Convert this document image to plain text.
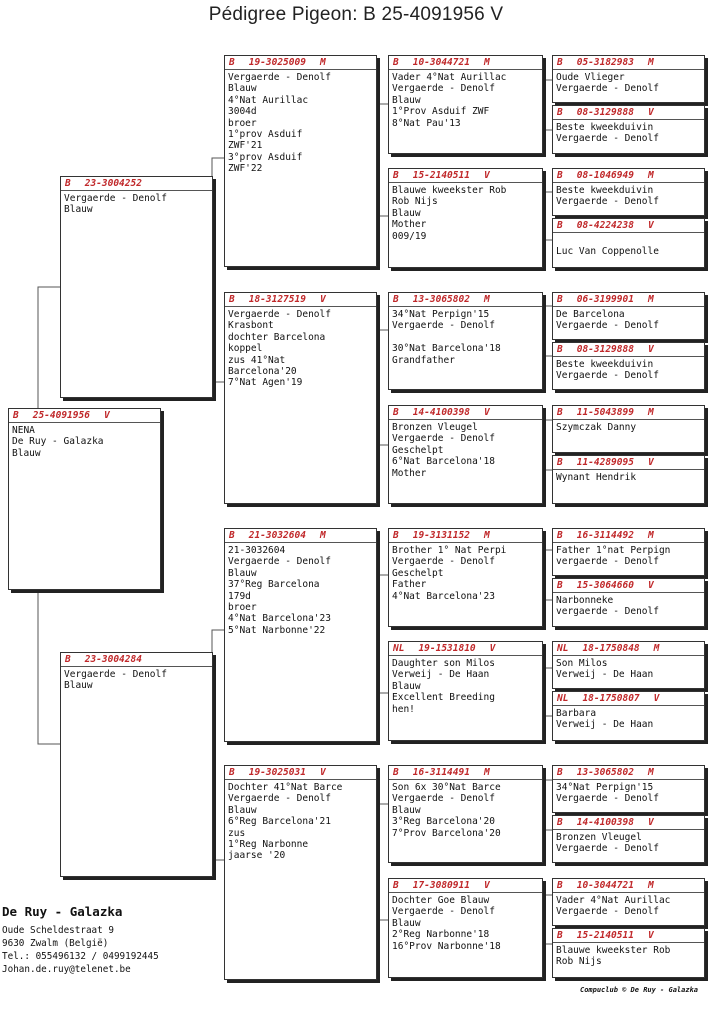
Pédigree Pigeon: B 25-4091956 V
B 25-4091956 V
NENA
De Ruy - Galazka
Blauw
B 23-3004252
Vergaerde - Denolf
Blauw
B 23-3004284
Vergaerde - Denolf
Blauw
B 19-3025009 M
Vergaerde - Denolf
Blauw
4°Nat Aurillac
3004d
broer
1°prov Asduif
ZWF'21
3°prov Asduif
ZWF'22
B 18-3127519 V
Vergaerde - Denolf
Krasbont
dochter Barcelona
koppel
zus 41°Nat
Barcelona'20
7°Nat Agen'19
B 21-3032604 M
21-3032604
Vergaerde - Denolf
Blauw
37°Reg Barcelona
179d
broer
4°Nat Barcelona'23
5°Nat Narbonne'22
B 19-3025031 V
Dochter 41°Nat Barce
Vergaerde - Denolf
Blauw
6°Reg Barcelona'21
zus
1°Reg Narbonne
jaarse '20
B 10-3044721 M
Vader 4°Nat Aurillac
Vergaerde - Denolf
Blauw
1°Prov Asduif ZWF
8°Nat Pau'13
B 15-2140511 V
Blauwe kweekster Rob
Rob Nijs
Blauw
Mother
009/19
B 13-3065802 M
34°Nat Perpign'15
Vergaerde - Denolf

30°Nat Barcelona'18
Grandfather
B 14-4100398 V
Bronzen Vleugel
Vergaerde - Denolf
Geschelpt
6°Nat Barcelona'18
Mother
B 19-3131152 M
Brother 1° Nat Perpi
Vergaerde - Denolf
Geschelpt
Father
4°Nat Barcelona'23
NL 19-1531810 V
Daughter son Milos
Verweij - De Haan
Blauw
Excellent Breeding
hen!
B 16-3114491 M
Son 6x 30°Nat Barce
Vergaerde - Denolf
Blauw
3°Reg Barcelona'20
7°Prov Barcelona'20
B 17-3080911 V
Dochter Goe Blauw
Vergaerde - Denolf
Blauw
2°Reg Narbonne'18
16°Prov Narbonne'18
B 05-3182983 M
Oude Vlieger
Vergaerde - Denolf
B 08-3129888 V
Beste kweekduivin
Vergaerde - Denolf
B 08-1046949 M
Beste kweekduivin
Vergaerde - Denolf
B 08-4224238 V

Luc Van Coppenolle
B 06-3199901 M
De Barcelona
Vergaerde - Denolf
B 08-3129888 V
Beste kweekduivin
Vergaerde - Denolf
B 11-5043899 M
Szymczak Danny
B 11-4289095 V
Wynant Hendrik
B 16-3114492 M
Father 1°nat Perpign
vergaerde - Denolf
B 15-3064660 V
Narbonneke
vergaerde - Denolf
NL 18-1750848 M
Son Milos
Verweij - De Haan
NL 18-1750807 V
Barbara
Verweij - De Haan
B 13-3065802 M
34°Nat Perpign'15
Vergaerde - Denolf
B 14-4100398 V
Bronzen Vleugel
Vergaerde - Denolf
B 10-3044721 M
Vader 4°Nat Aurillac
Vergaerde - Denolf
B 15-2140511 V
Blauwe kweekster Rob
Rob Nijs
De Ruy - Galazka
Oude Scheldestraat 9
9630 Zwalm (België)
Tel.: 055496132 / 0499192445
Johan.de.ruy@telenet.be
Compuclub © De Ruy - Galazka
